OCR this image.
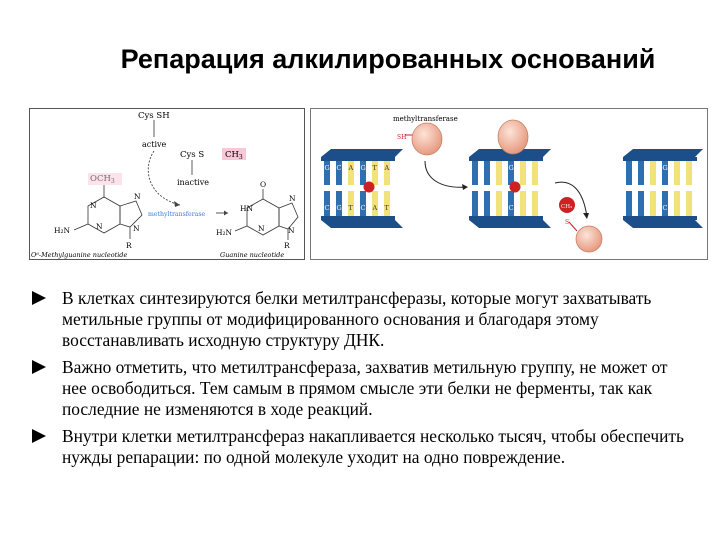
Репарация алкилированных оснований
Cys SH
active
Cys S $CH_3$
inactive
methyltransferase
N
N
N
N
H₂N
R
O
HN
N
N
N
H₂N
R
O⁶-Methylguanine nucleotide	Guanine nucleotide
G
C
C
G
A
T
G
C
T
A
A
T
methyltransferase
SH
G
C	CH₃
S
G
C
В клетках синтезируются белки метилтрансферазы, которые могут захватывать метильные группы от модифицированного основания и благодаря этому восстанавливать исходную структуру ДНК.
Важно отметить, что метилтрансфераза, захватив метильную группу, не может от нее освободиться. Тем самым в прямом смысле эти белки не ферменты, так как последние не изменяются в ходе реакций.
Внутри клетки метилтрансфераз накапливается несколько тысяч, чтобы обеспечить нужды репарации: по одной молекуле уходит на одно повреждение.
